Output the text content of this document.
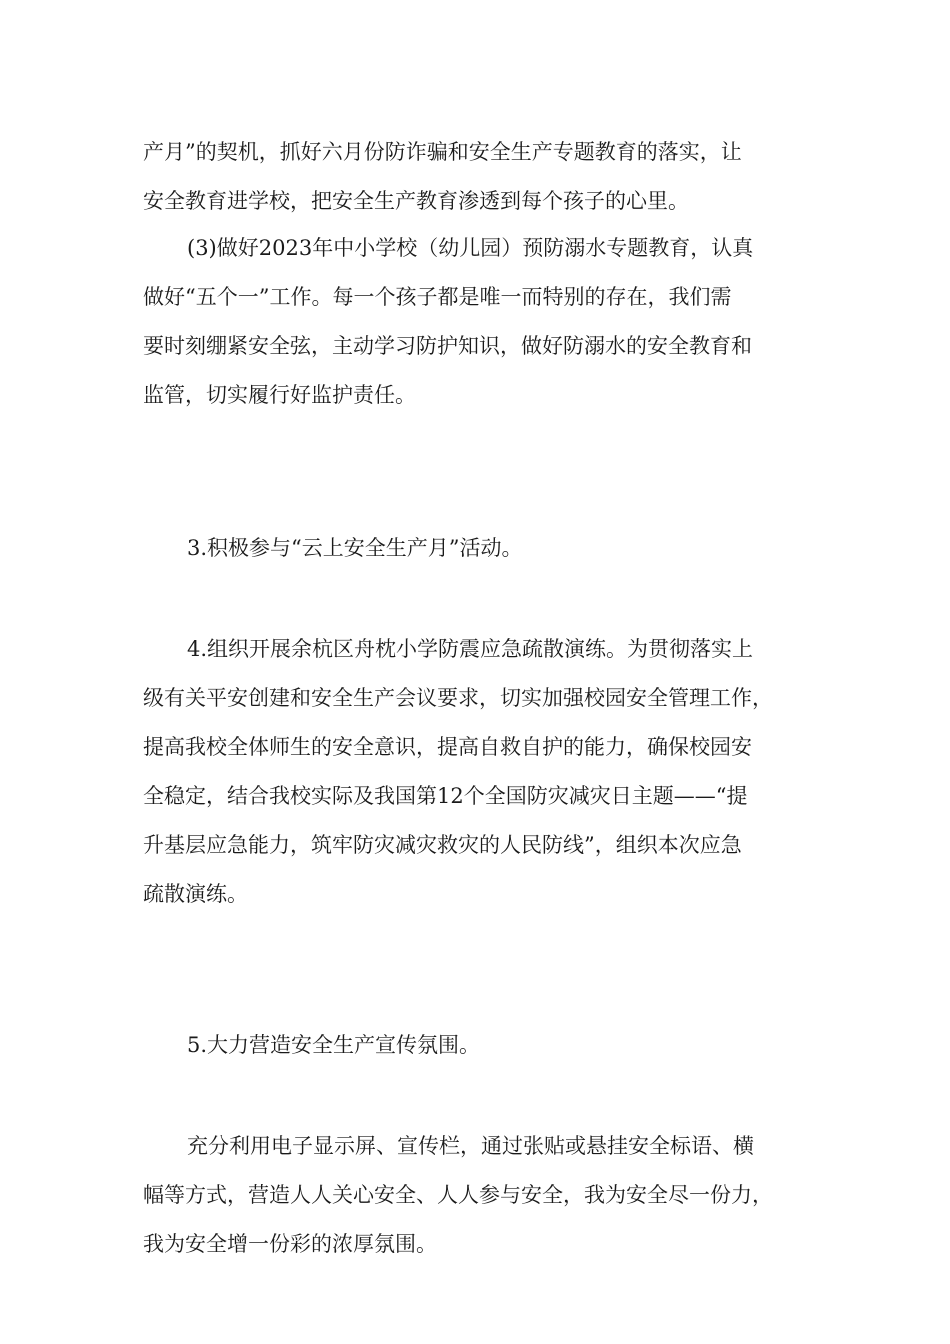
产月”的契机，抓好六月份防诈骗和安全生产专题教育的落实，让
安全教育进学校，把安全生产教育渗透到每个孩子的心里。
(3)做好2023年中小学校（幼儿园）预防溺水专题教育，认真
做好“五个一”工作。每一个孩子都是唯一而特别的存在，我们需
要时刻绷紧安全弦，主动学习防护知识，做好防溺水的安全教育和
监管，切实履行好监护责任。
3.积极参与“云上安全生产月”活动。
4.组织开展余杭区舟枕小学防震应急疏散演练。为贯彻落实上
级有关平安创建和安全生产会议要求，切实加强校园安全管理工作，
提高我校全体师生的安全意识，提高自救自护的能力，确保校园安
全稳定，结合我校实际及我国第12个全国防灾减灾日主题——“提
升基层应急能力，筑牢防灾减灾救灾的人民防线”，组织本次应急
疏散演练。
5.大力营造安全生产宣传氛围。
充分利用电子显示屏、宣传栏，通过张贴或悬挂安全标语、横
幅等方式，营造人人关心安全、人人参与安全，我为安全尽一份力，
我为安全增一份彩的浓厚氛围。
